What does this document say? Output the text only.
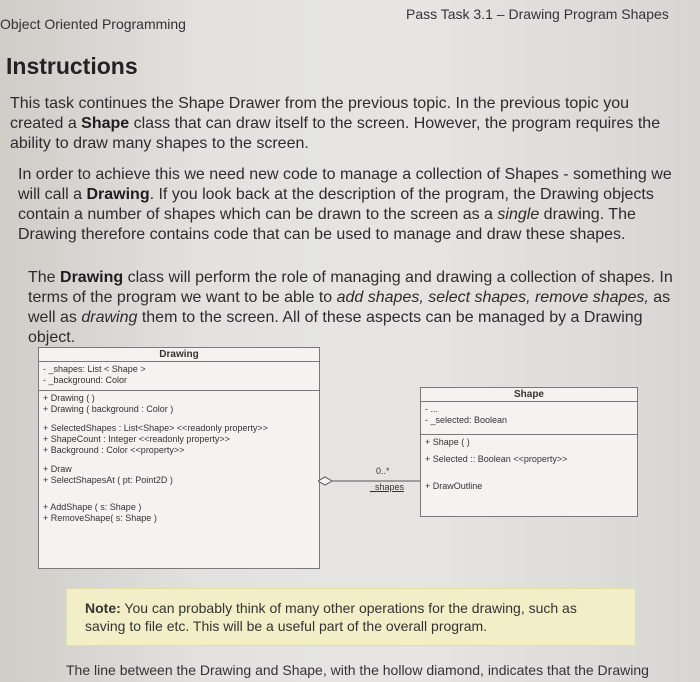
Object Oriented Programming
Pass Task 3.1 – Drawing Program Shapes
Instructions
This task continues the Shape Drawer from the previous topic. In the previous topic you created a Shape class that can draw itself to the screen. However, the program requires the ability to draw many shapes to the screen.
In order to achieve this we need new code to manage a collection of Shapes - something we will call a Drawing. If you look back at the description of the program, the Drawing objects contain a number of shapes which can be drawn to the screen as a single drawing. The Drawing therefore contains code that can be used to manage and draw these shapes.
The Drawing class will perform the role of managing and drawing a collection of shapes. In terms of the program we want to be able to add shapes, select shapes, remove shapes, as well as drawing them to the screen. All of these aspects can be managed by a Drawing object.
Drawing
- _shapes: List < Shape >
- _background: Color
+ Drawing ( )
+ Drawing ( background : Color )
+ SelectedShapes : List<Shape> <<readonly property>>
+ ShapeCount : Integer <<readonly property>>
+ Background : Color <<property>>
+ Draw
+ SelectShapesAt ( pt: Point2D )
+ AddShape ( s: Shape )
+ RemoveShape( s: Shape )
0..*
_shapes
Shape
- ...
- _selected: Boolean
+ Shape ( )
+ Selected :: Boolean <<property>>
+ DrawOutline
Note: You can probably think of many other operations for the drawing, such as saving to file etc. This will be a useful part of the overall program.
The line between the Drawing and Shape, with the hollow diamond, indicates that the Drawing
